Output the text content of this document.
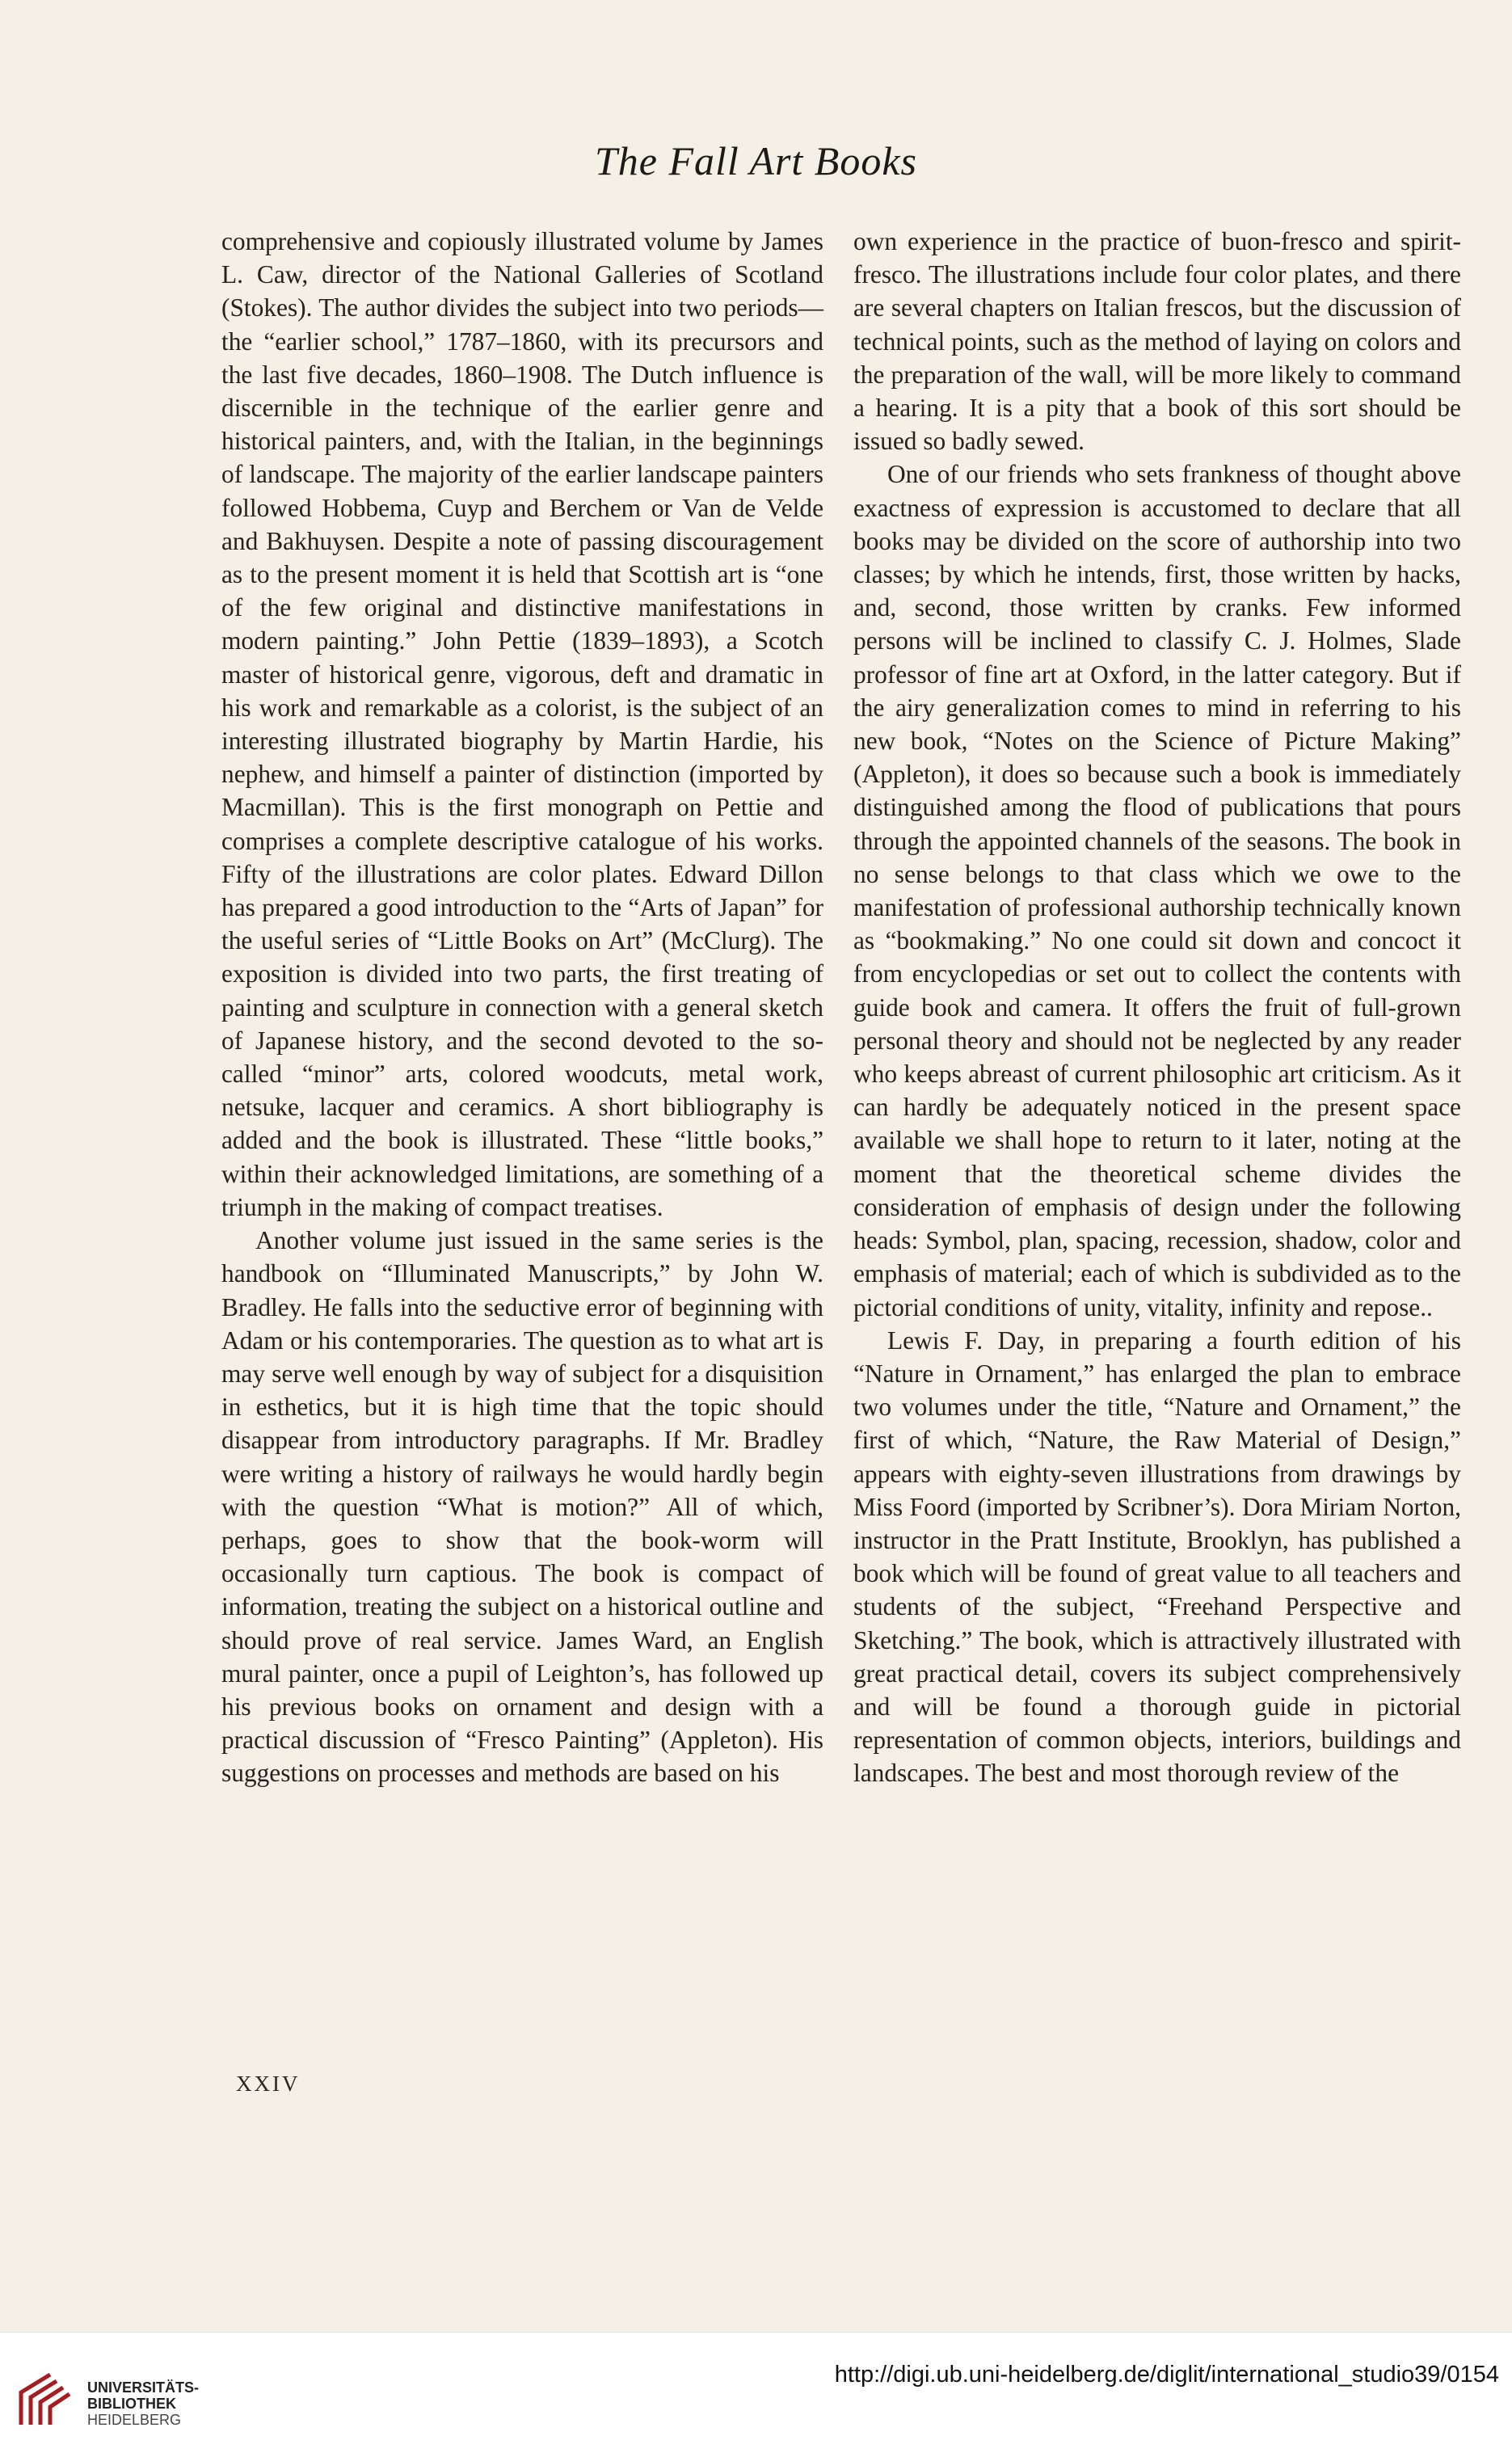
The Fall Art Books

comprehensive and copiously illustrated volume by James L. Caw, director of the National Galleries of Scotland (Stokes). The author divides the subject into two periods—the “earlier school,” 1787–1860, with its precursors and the last five decades, 1860–1908. The Dutch influence is discernible in the technique of the earlier genre and historical painters, and, with the Italian, in the beginnings of landscape. The majority of the earlier landscape painters followed Hobbema, Cuyp and Berchem or Van de Velde and Bakhuysen. Despite a note of passing discouragement as to the present moment it is held that Scottish art is “one of the few original and distinctive manifestations in modern painting.” John Pettie (1839–1893), a Scotch master of historical genre, vigorous, deft and dramatic in his work and remarkable as a colorist, is the subject of an interesting illustrated biography by Martin Hardie, his nephew, and himself a painter of distinction (imported by Macmillan). This is the first monograph on Pettie and comprises a complete descriptive catalogue of his works. Fifty of the illustrations are color plates. Edward Dillon has prepared a good introduction to the “Arts of Japan” for the useful series of “Little Books on Art” (McClurg). The exposition is divided into two parts, the first treating of painting and sculpture in connection with a general sketch of Japanese history, and the second devoted to the so-called “minor” arts, colored woodcuts, metal work, netsuke, lacquer and ceramics. A short bibliography is added and the book is illustrated. These “little books,” within their acknowledged limitations, are something of a triumph in the making of compact treatises.

Another volume just issued in the same series is the handbook on “Illuminated Manuscripts,” by John W. Bradley. He falls into the seductive error of beginning with Adam or his contemporaries. The question as to what art is may serve well enough by way of subject for a disquisition in esthetics, but it is high time that the topic should disappear from introductory paragraphs. If Mr. Bradley were writing a history of railways he would hardly begin with the question “What is motion?” All of which, perhaps, goes to show that the book-worm will occasionally turn captious. The book is compact of information, treating the subject on a historical outline and should prove of real service. James Ward, an English mural painter, once a pupil of Leighton’s, has followed up his previous books on ornament and design with a practical discussion of “Fresco Painting” (Appleton). His suggestions on processes and methods are based on his

own experience in the practice of buon-fresco and spirit-fresco. The illustrations include four color plates, and there are several chapters on Italian frescos, but the discussion of technical points, such as the method of laying on colors and the preparation of the wall, will be more likely to command a hearing. It is a pity that a book of this sort should be issued so badly sewed.

One of our friends who sets frankness of thought above exactness of expression is accustomed to declare that all books may be divided on the score of authorship into two classes; by which he intends, first, those written by hacks, and, second, those written by cranks. Few informed persons will be inclined to classify C. J. Holmes, Slade professor of fine art at Oxford, in the latter category. But if the airy generalization comes to mind in referring to his new book, “Notes on the Science of Picture Making” (Appleton), it does so because such a book is immediately distinguished among the flood of publications that pours through the appointed channels of the seasons. The book in no sense belongs to that class which we owe to the manifestation of professional authorship technically known as “bookmaking.” No one could sit down and concoct it from encyclopedias or set out to collect the contents with guide book and camera. It offers the fruit of full-grown personal theory and should not be neglected by any reader who keeps abreast of current philosophic art criticism. As it can hardly be adequately noticed in the present space available we shall hope to return to it later, noting at the moment that the theoretical scheme divides the consideration of emphasis of design under the following heads: Symbol, plan, spacing, recession, shadow, color and emphasis of material; each of which is subdivided as to the pictorial conditions of unity, vitality, infinity and repose..

Lewis F. Day, in preparing a fourth edition of his “Nature in Ornament,” has enlarged the plan to embrace two volumes under the title, “Nature and Ornament,” the first of which, “Nature, the Raw Material of Design,” appears with eighty-seven illustrations from drawings by Miss Foord (imported by Scribner’s). Dora Miriam Norton, instructor in the Pratt Institute, Brooklyn, has published a book which will be found of great value to all teachers and students of the subject, “Freehand Perspective and Sketching.” The book, which is attractively illustrated with great practical detail, covers its subject comprehensively and will be found a thorough guide in pictorial representation of common objects, interiors, buildings and landscapes. The best and most thorough review of the

XXIV
UNIVERSITÄTS-
BIBLIOTHEK
HEIDELBERG
http://digi.ub.uni-heidelberg.de/diglit/international_studio39/0154
